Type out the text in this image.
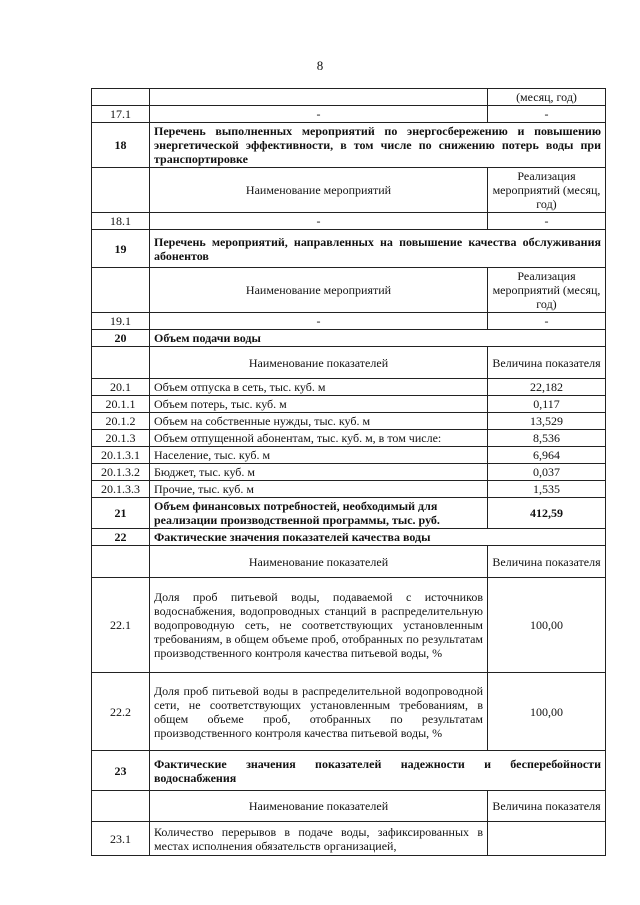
8
		(месяц, год)
17.1	-	-
18	Перечень выполненных мероприятий по энергосбережению и повышению энергетической эффективности, в том числе по снижению потерь воды при транспортировке	
	Наименование мероприятий	Реализация мероприятий (месяц, год)
18.1	-	-
19	Перечень мероприятий, направленных на повышение качества обслуживания абонентов	
	Наименование мероприятий	Реализация мероприятий (месяц, год)
19.1	-	-
20	Объем подачи воды	
	Наименование показателей	Величина показателя
20.1	Объем отпуска в сеть, тыс. куб. м	22,182
20.1.1	Объем потерь, тыс. куб. м	0,117
20.1.2	Объем на собственные нужды, тыс. куб. м	13,529
20.1.3	Объем отпущенной абонентам, тыс. куб. м, в том числе:	8,536
20.1.3.1	Население, тыс. куб. м	6,964
20.1.3.2	Бюджет, тыс. куб. м	0,037
20.1.3.3	Прочие, тыс. куб. м	1,535
21	Объем финансовых потребностей, необходимый для реализации производственной программы, тыс. руб.	412,59
22	Фактические значения показателей качества воды	
	Наименование показателей	Величина показателя
22.1	Доля проб питьевой воды, подаваемой с источников водоснабжения, водопроводных станций в распределительную водопроводную сеть, не соответствующих установленным требованиям, в общем объеме проб, отобранных по результатам производственного контроля качества питьевой воды, %	100,00
22.2	Доля проб питьевой воды в распределительной водопроводной сети, не соответствующих установленным требованиям, в общем объеме проб, отобранных по результатам производственного контроля качества питьевой воды, %	100,00
23	Фактические значения показателей надежности и бесперебойности водоснабжения	
	Наименование показателей	Величина показателя
23.1	Количество перерывов в подаче воды, зафиксированных в местах исполнения обязательств организацией,	
